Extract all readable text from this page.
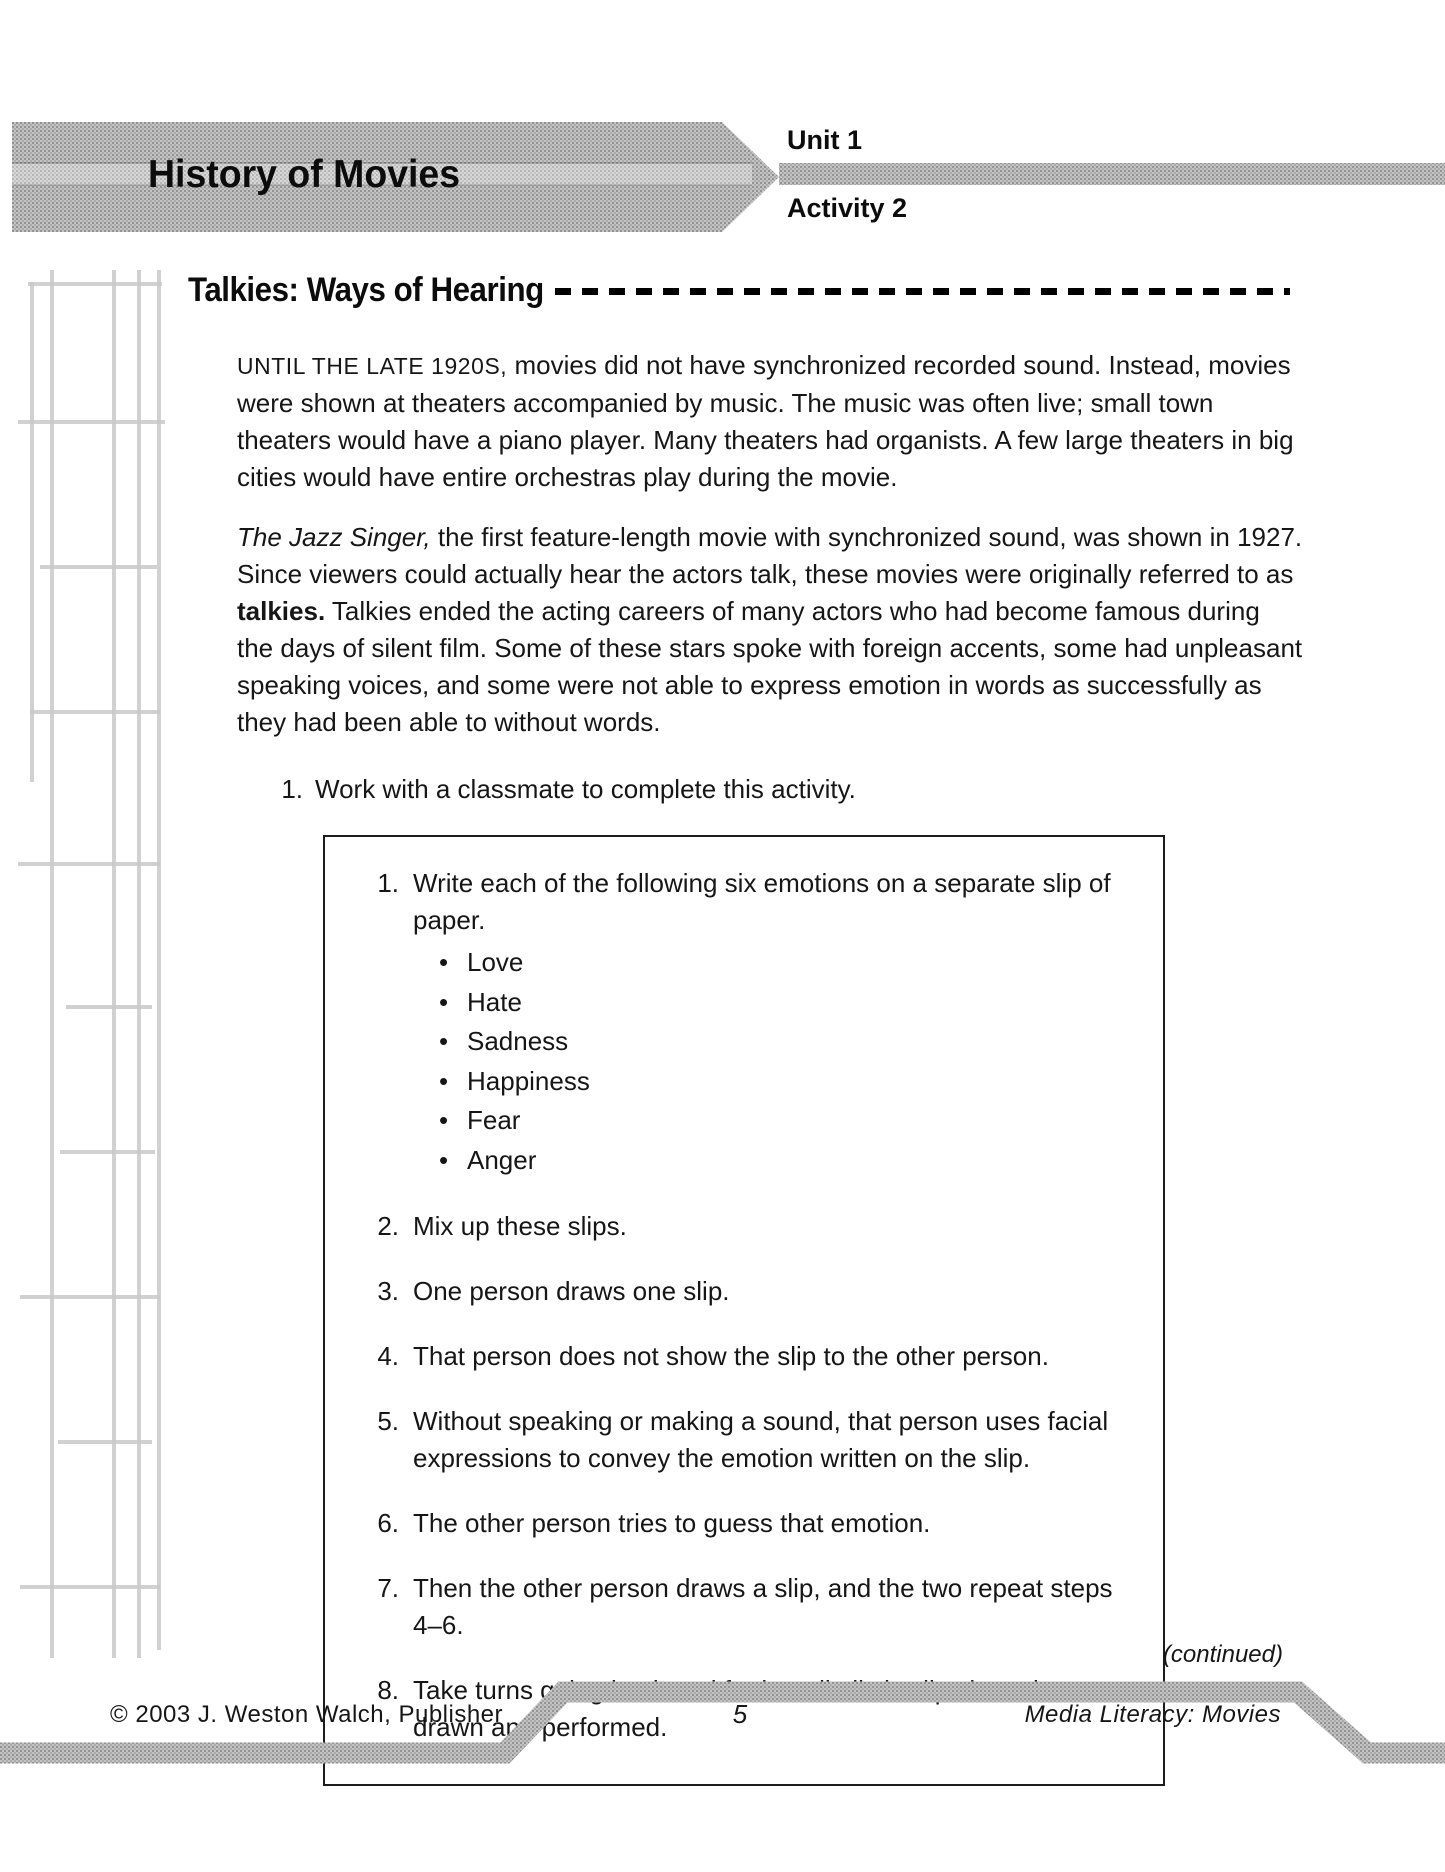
History of Movies
Unit 1
Activity 2
Talkies: Ways of Hearing

UNTIL THE LATE 1920S, movies did not have synchronized recorded sound. Instead, movies were shown at theaters accompanied by music. The music was often live; small town theaters would have a piano player. Many theaters had organists. A few large theaters in big cities would have entire orchestras play during the movie.

The Jazz Singer, the first feature-length movie with synchronized sound, was shown in 1927. Since viewers could actually hear the actors talk, these movies were originally referred to as talkies. Talkies ended the acting careers of many actors who had become famous during the days of silent film. Some of these stars spoke with foreign accents, some had unpleasant speaking voices, and some were not able to express emotion in words as successfully as they had been able to without words.

1. Work with a classmate to complete this activity.
1. Write each of the following six emotions on a separate slip of paper.
•
Love
•
Hate
•
Sadness
•
Happiness
•
Fear
•
Anger
2. Mix up these slips.
3. One person draws one slip.
4. That person does not show the slip to the other person.
5. Without speaking or making a sound, that person uses facial expressions to convey the emotion written on the slip.
6. The other person tries to guess that emotion.
7. Then the other person draws a slip, and the two repeat steps 4–6.
8. Take turns going back and forth until all six slips have been drawn and performed.
(continued)
© 2003 J. Weston Walch, Publisher	5	Media Literacy: Movies
